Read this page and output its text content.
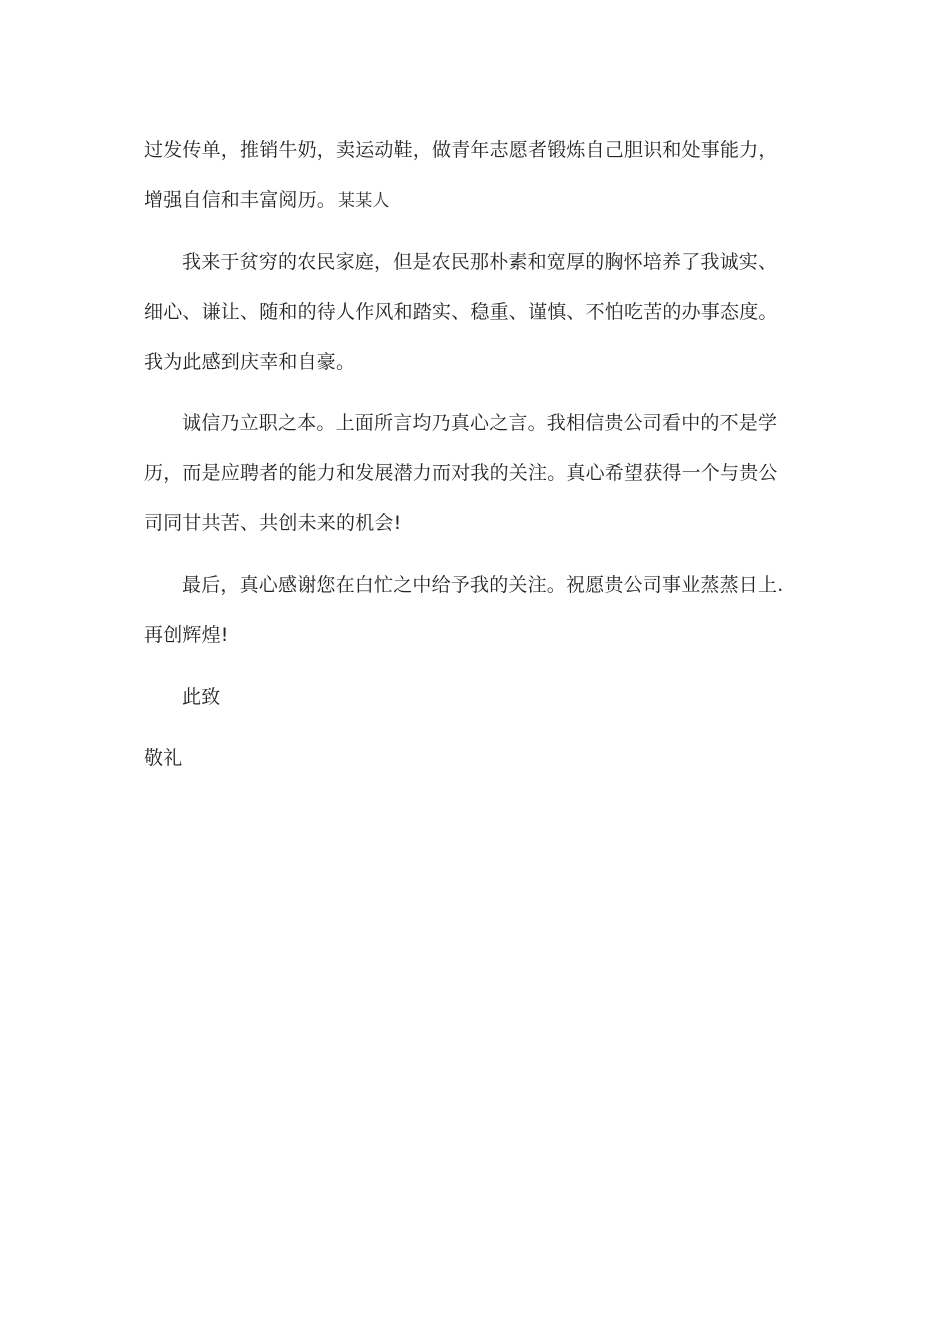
过发传单，推销牛奶，卖运动鞋，做青年志愿者锻炼自己胆识和处事能力，
增强自信和丰富阅历。 某某人
我来于贫穷的农民家庭，但是农民那朴素和宽厚的胸怀培养了我诚实、
细心、谦让、随和的待人作风和踏实、稳重、谨慎、不怕吃苦的办事态度。
我为此感到庆幸和自豪。
诚信乃立职之本。上面所言均乃真心之言。我相信贵公司看中的不是学
历，而是应聘者的能力和发展潜力而对我的关注。真心希望获得一个与贵公
司同甘共苦、共创未来的机会!
最后，真心感谢您在白忙之中给予我的关注。祝愿贵公司事业蒸蒸日上.
再创辉煌!
此致
敬礼
